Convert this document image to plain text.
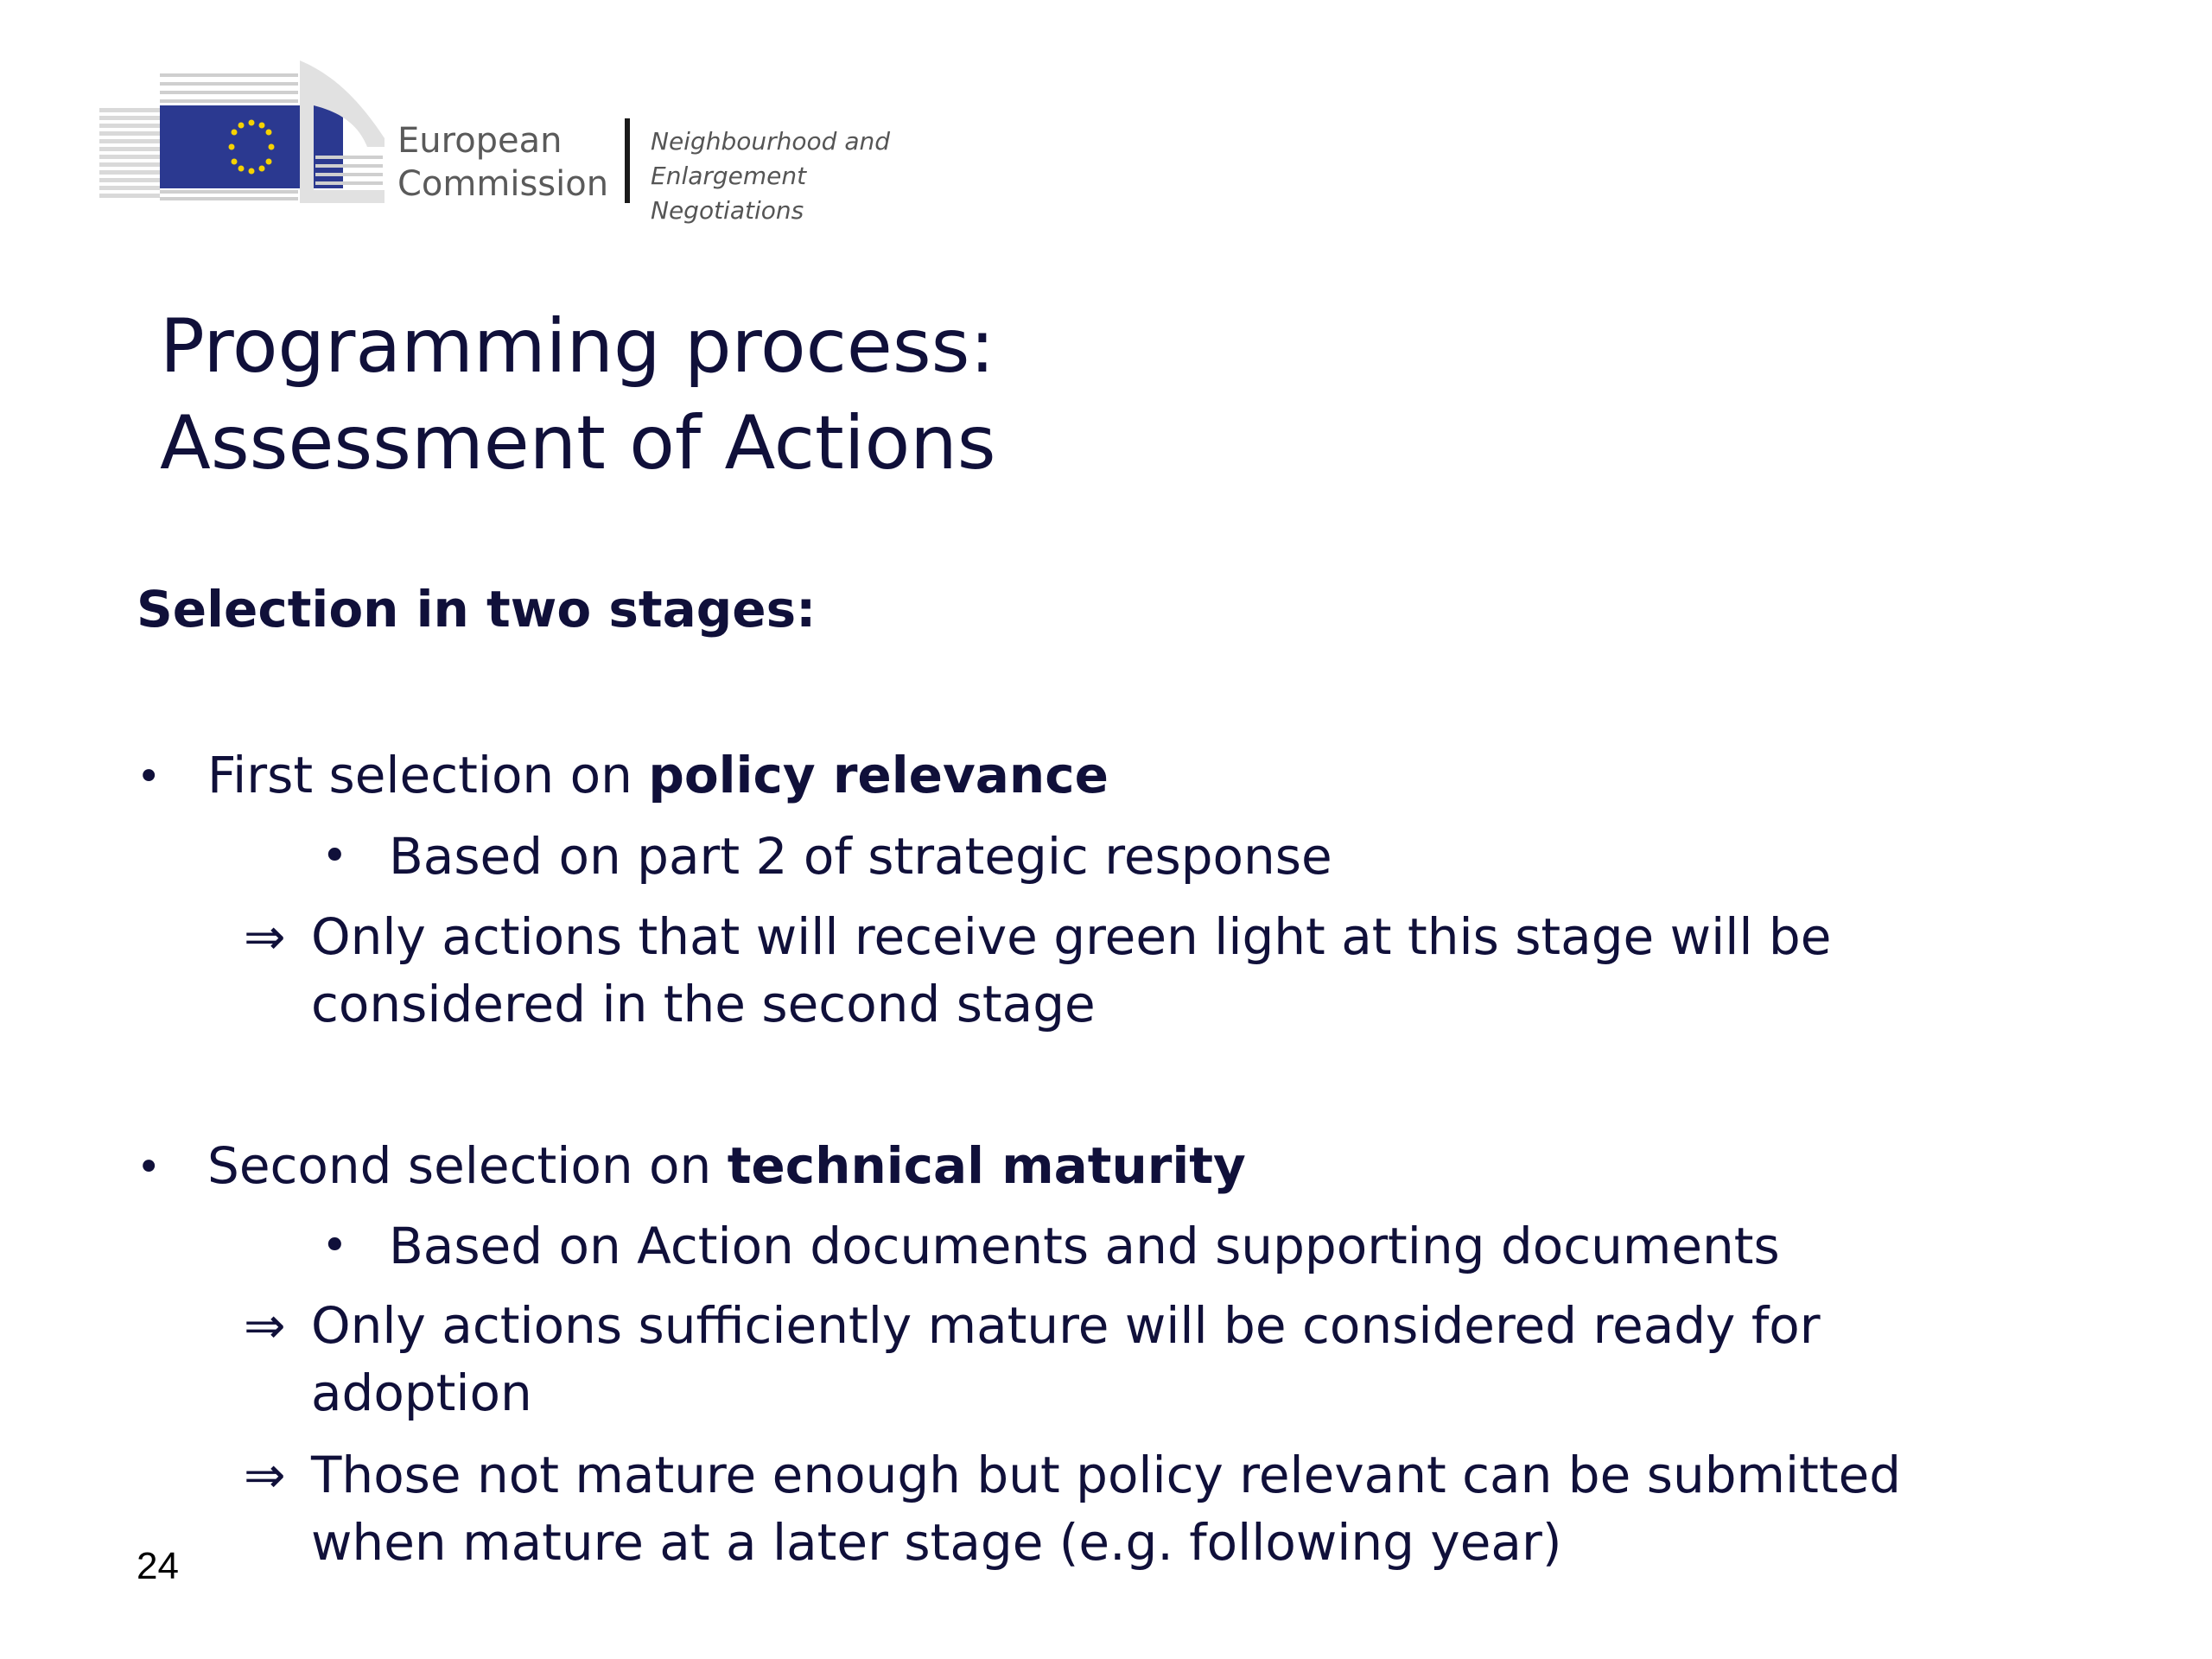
European
Commission
Neighbourhood and
Enlargement Negotiations
Programming process:
Assessment of Actions
Selection in two stages:
• First selection on policy relevance
• Based on part 2 of strategic response
⇒ Only actions that will receive green light at this stage will be
considered in the second stage
• Second selection on technical maturity
• Based on Action documents and supporting documents
⇒ Only actions sufficiently mature will be considered ready for
adoption
⇒ Those not mature enough but policy relevant can be submitted
when mature at a later stage (e.g. following year)
24
